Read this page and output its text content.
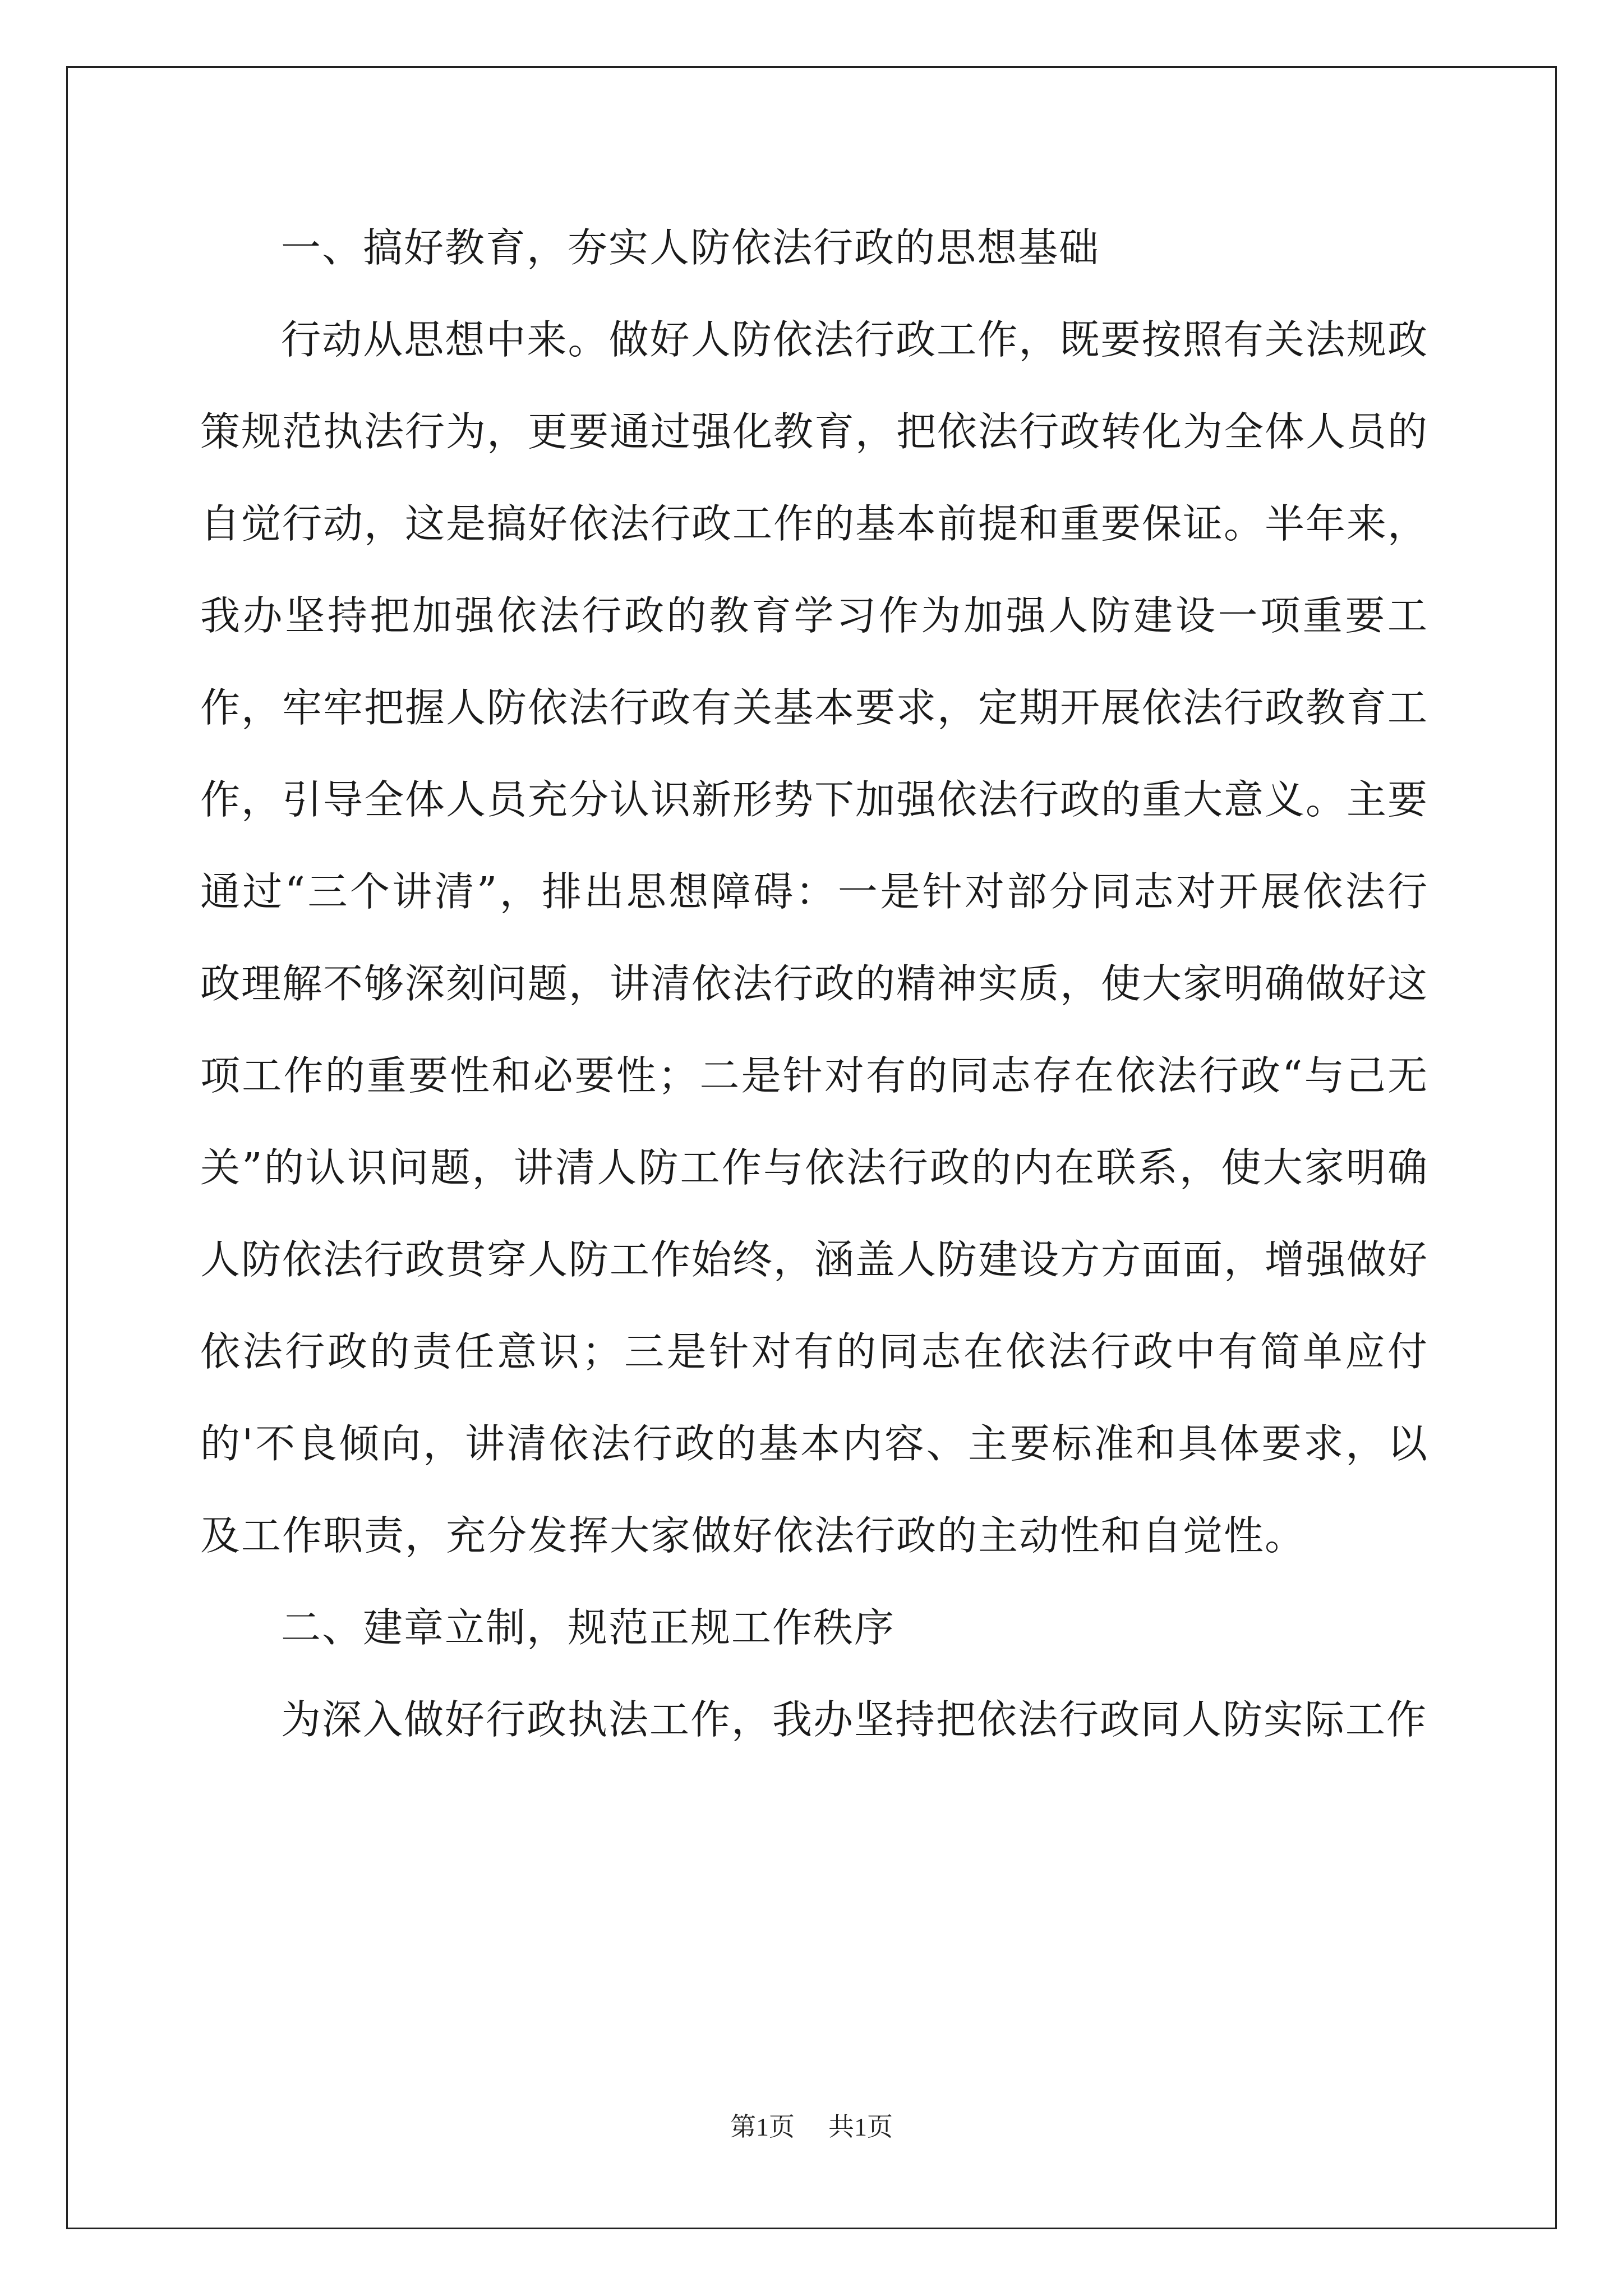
一、搞好教育，夯实人防依法行政的思想基础

行动从思想中来。做好人防依法行政工作，既要按照有关法规政策规范执法行为，更要通过强化教育，把依法行政转化为全体人员的自觉行动，这是搞好依法行政工作的基本前提和重要保证。半年来，我办坚持把加强依法行政的教育学习作为加强人防建设一项重要工作，牢牢把握人防依法行政有关基本要求，定期开展依法行政教育工作，引导全体人员充分认识新形势下加强依法行政的重大意义。主要通过“三个讲清”，排出思想障碍：一是针对部分同志对开展依法行政理解不够深刻问题，讲清依法行政的精神实质，使大家明确做好这项工作的重要性和必要性；二是针对有的同志存在依法行政“与己无关”的认识问题，讲清人防工作与依法行政的内在联系，使大家明确人防依法行政贯穿人防工作始终，涵盖人防建设方方面面，增强做好依法行政的责任意识；三是针对有的同志在依法行政中有简单应付的'不良倾向，讲清依法行政的基本内容、主要标准和具体要求，以及工作职责，充分发挥大家做好依法行政的主动性和自觉性。

二、建章立制，规范正规工作秩序

为深入做好行政执法工作，我办坚持把依法行政同人防实际工作

第1页 共1页
